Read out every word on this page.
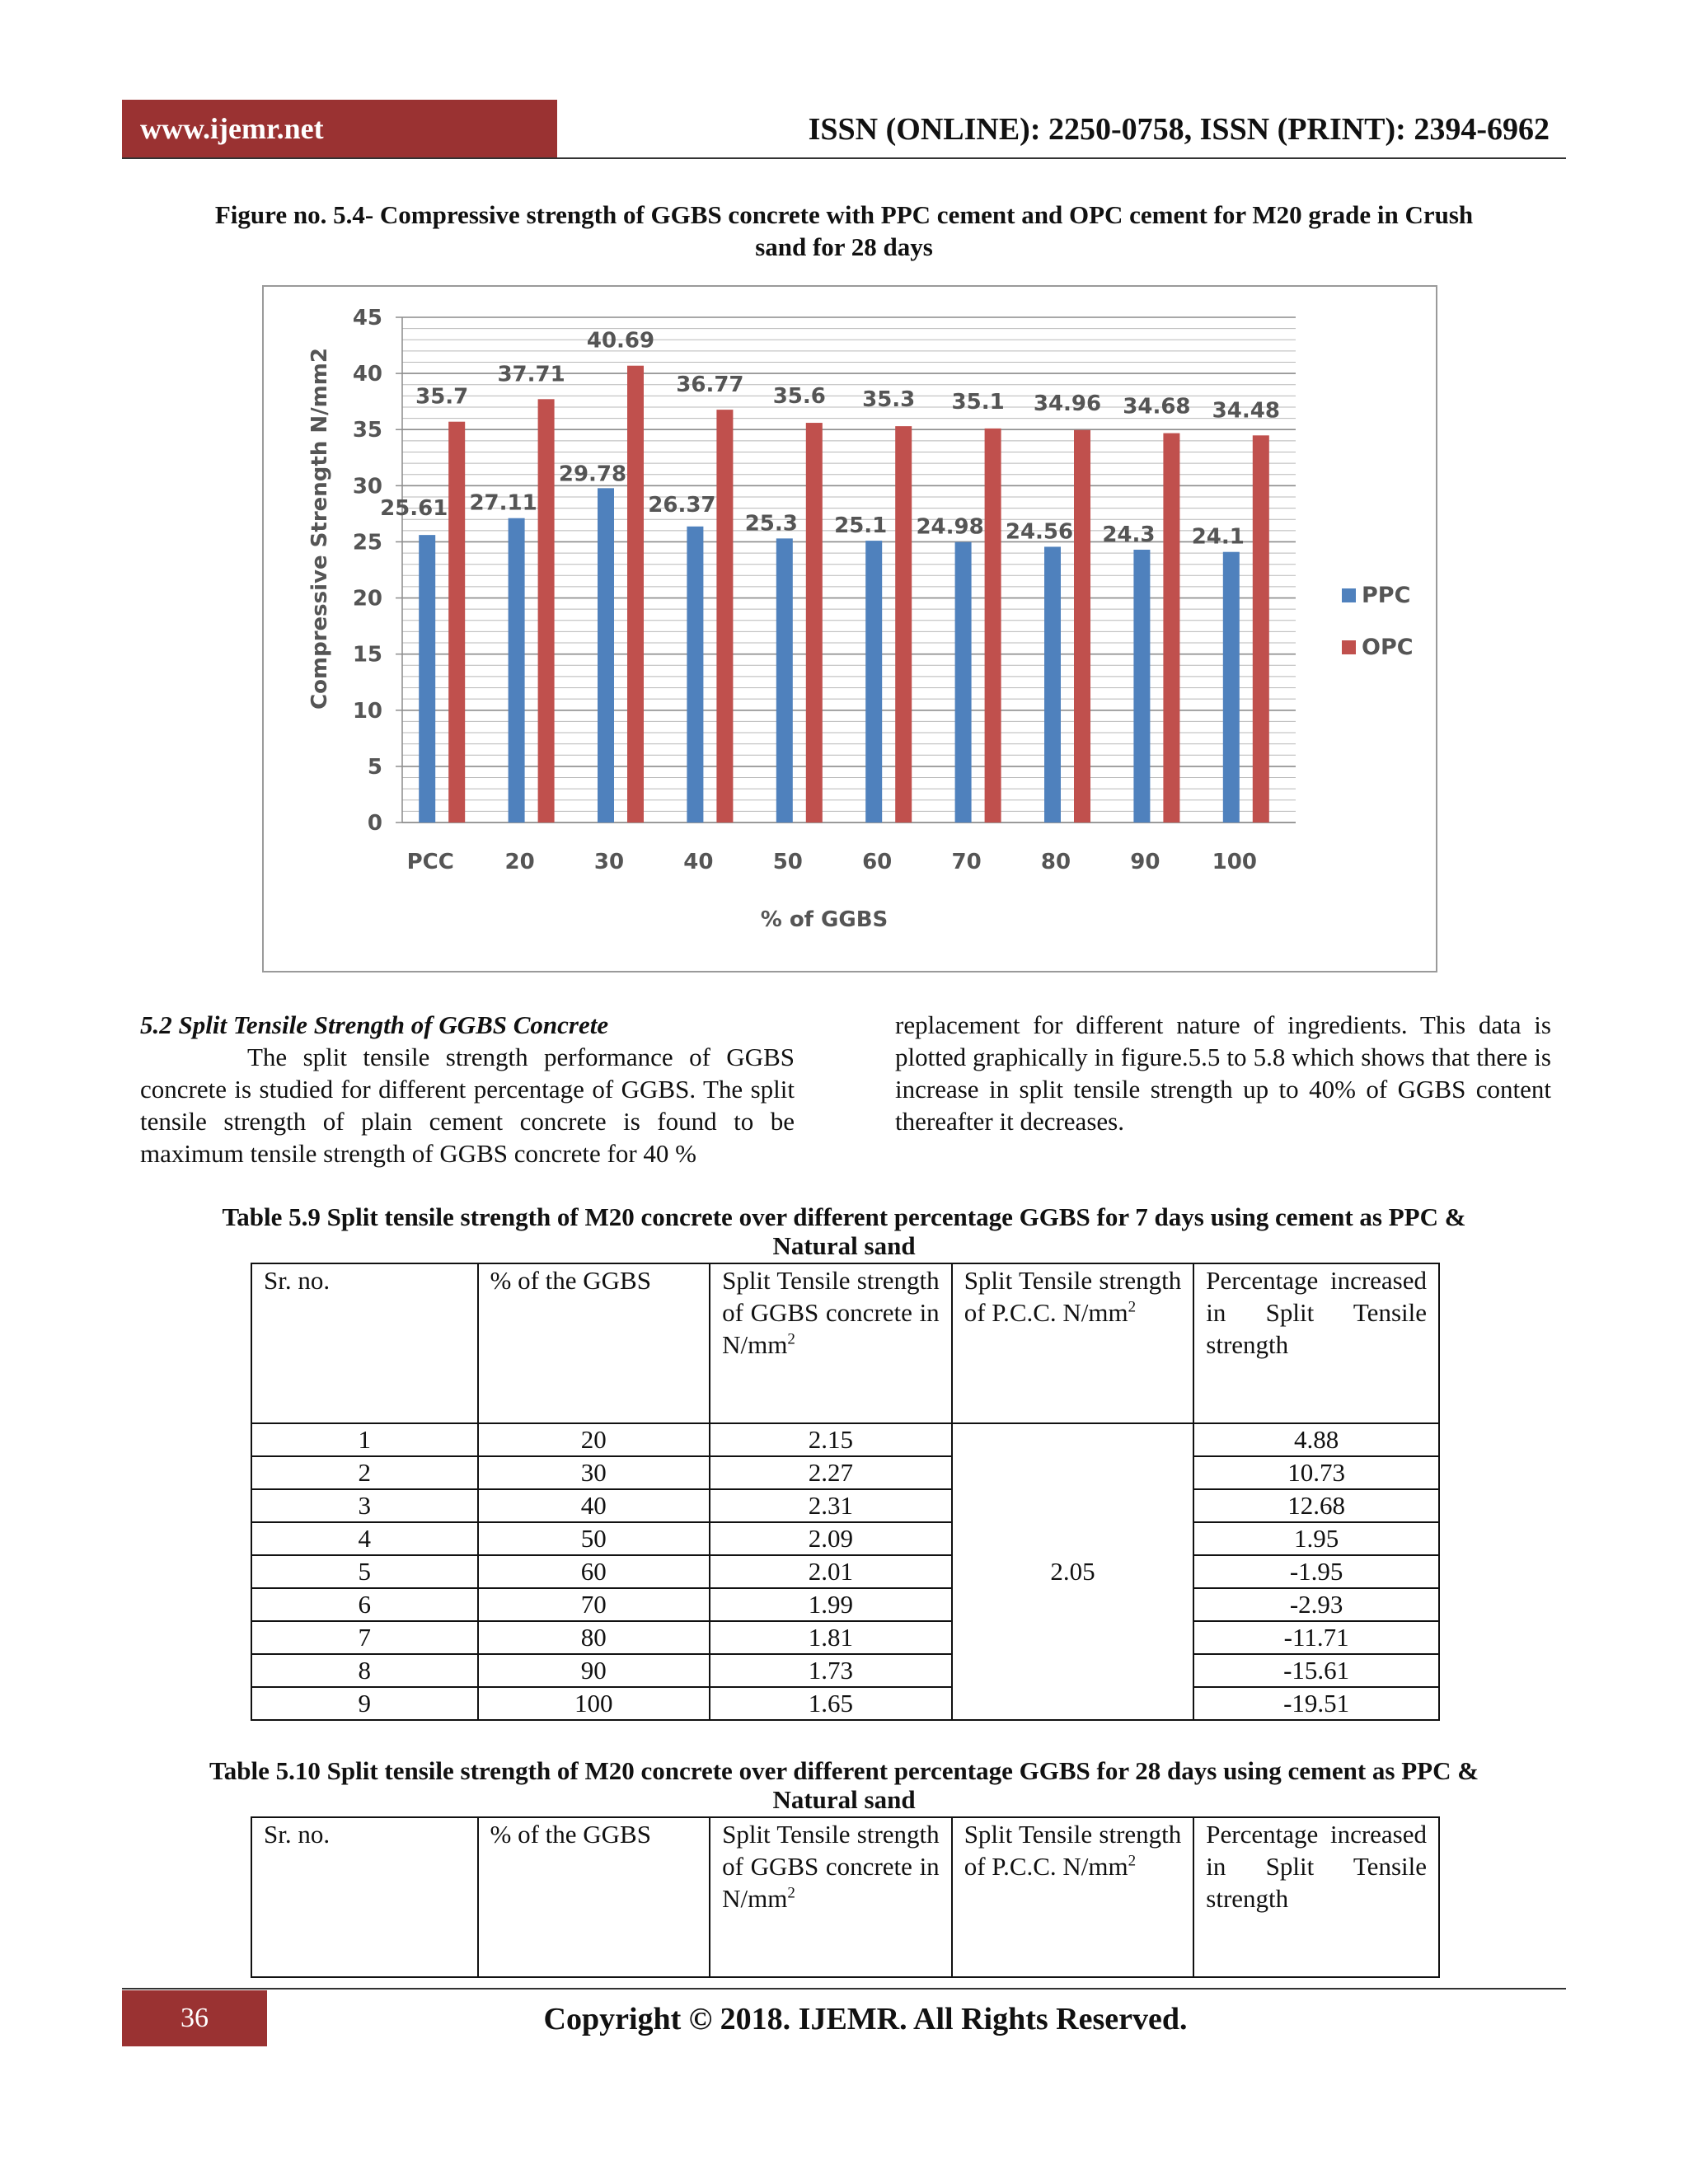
www.ijemr.net	ISSN (ONLINE): 2250-0758, ISSN (PRINT): 2394-6962
Figure no. 5.4- Compressive strength of GGBS concrete with PPC cement and OPC cement for M20 grade in Crush
sand for 28 days
0
5
10
15
20
25
30
35
40
45
25.61
35.7
PCC
27.11
37.71
20
29.78
40.69
30
26.37
36.77
40
25.3
35.6
50
25.1
35.3
60
24.98
35.1
70
24.56
34.96
80
24.3
34.68
90
24.1
34.48
100
% of GGBS
Compressive Strength N/mm2	PPC
OPC
5.2 Split Tensile Strength of GGBS Concrete
The split tensile strength performance of GGBS concrete is studied for different percentage of GGBS. The split tensile strength of plain cement concrete is found to be maximum tensile strength of GGBS concrete for 40 %
replacement for different nature of ingredients. This data is plotted graphically in figure.5.5 to 5.8 which shows that there is increase in split tensile strength up to 40% of GGBS content thereafter it decreases.
Table 5.9 Split tensile strength of M20 concrete over different percentage GGBS for 7 days using cement as PPC &
Natural sand
Sr. no.	% of the GGBS	Split Tensile strength of GGBS concrete in $N/mm^2$	Split Tensile strength of P.C.C. $N/mm^2$	Percentage increased in Split Tensile strength
1	20	2.15	2.05	4.88
2	30	2.27		10.73
3	40	2.31		12.68
4	50	2.09		1.95
5	60	2.01		-1.95
6	70	1.99		-2.93
7	80	1.81		-11.71
8	90	1.73		-15.61
9	100	1.65		-19.51
Table 5.10 Split tensile strength of M20 concrete over different percentage GGBS for 28 days using cement as PPC &
Natural sand
Sr. no.	% of the GGBS	Split Tensile strength of GGBS concrete in $N/mm^2$	Split Tensile strength of P.C.C. $N/mm^2$	Percentage increased in Split Tensile strength
36	Copyright © 2018. IJEMR. All Rights Reserved.
